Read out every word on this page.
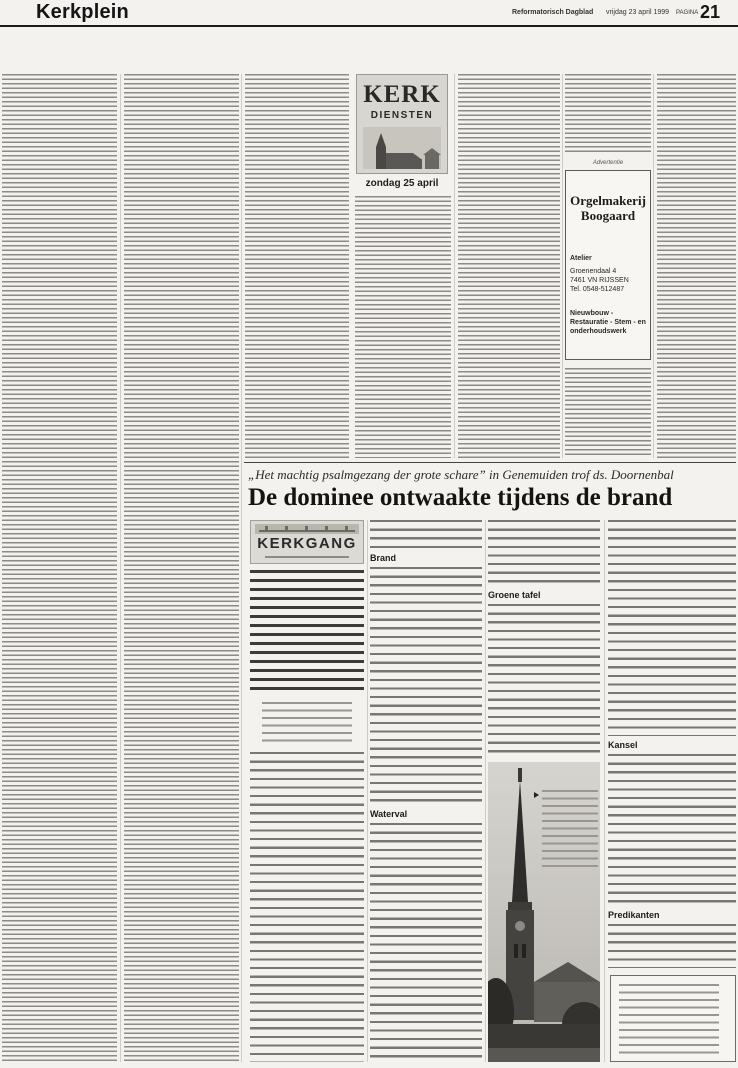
Kerkplein	Reformatorisch Dagblad vrijdag 23 april 1999 PAGINA 21
KERK
DIENSTEN
zondag 25 april
Advertentie
Orgelmakerij
Boogaard
Atelier
Groenendaal 4
7461 VN RIJSSEN
Tel. 0548-512487
Nieuwbouw - Restauratie - Stem - en onderhoudswerk
„Het machtig psalmgezang der grote schare” in Genemuiden trof ds. Doornenbal
De dominee ontwaakte tijdens de brand
KERKGANG
Brand
Waterval
Groene tafel
Kansel
Predikanten
